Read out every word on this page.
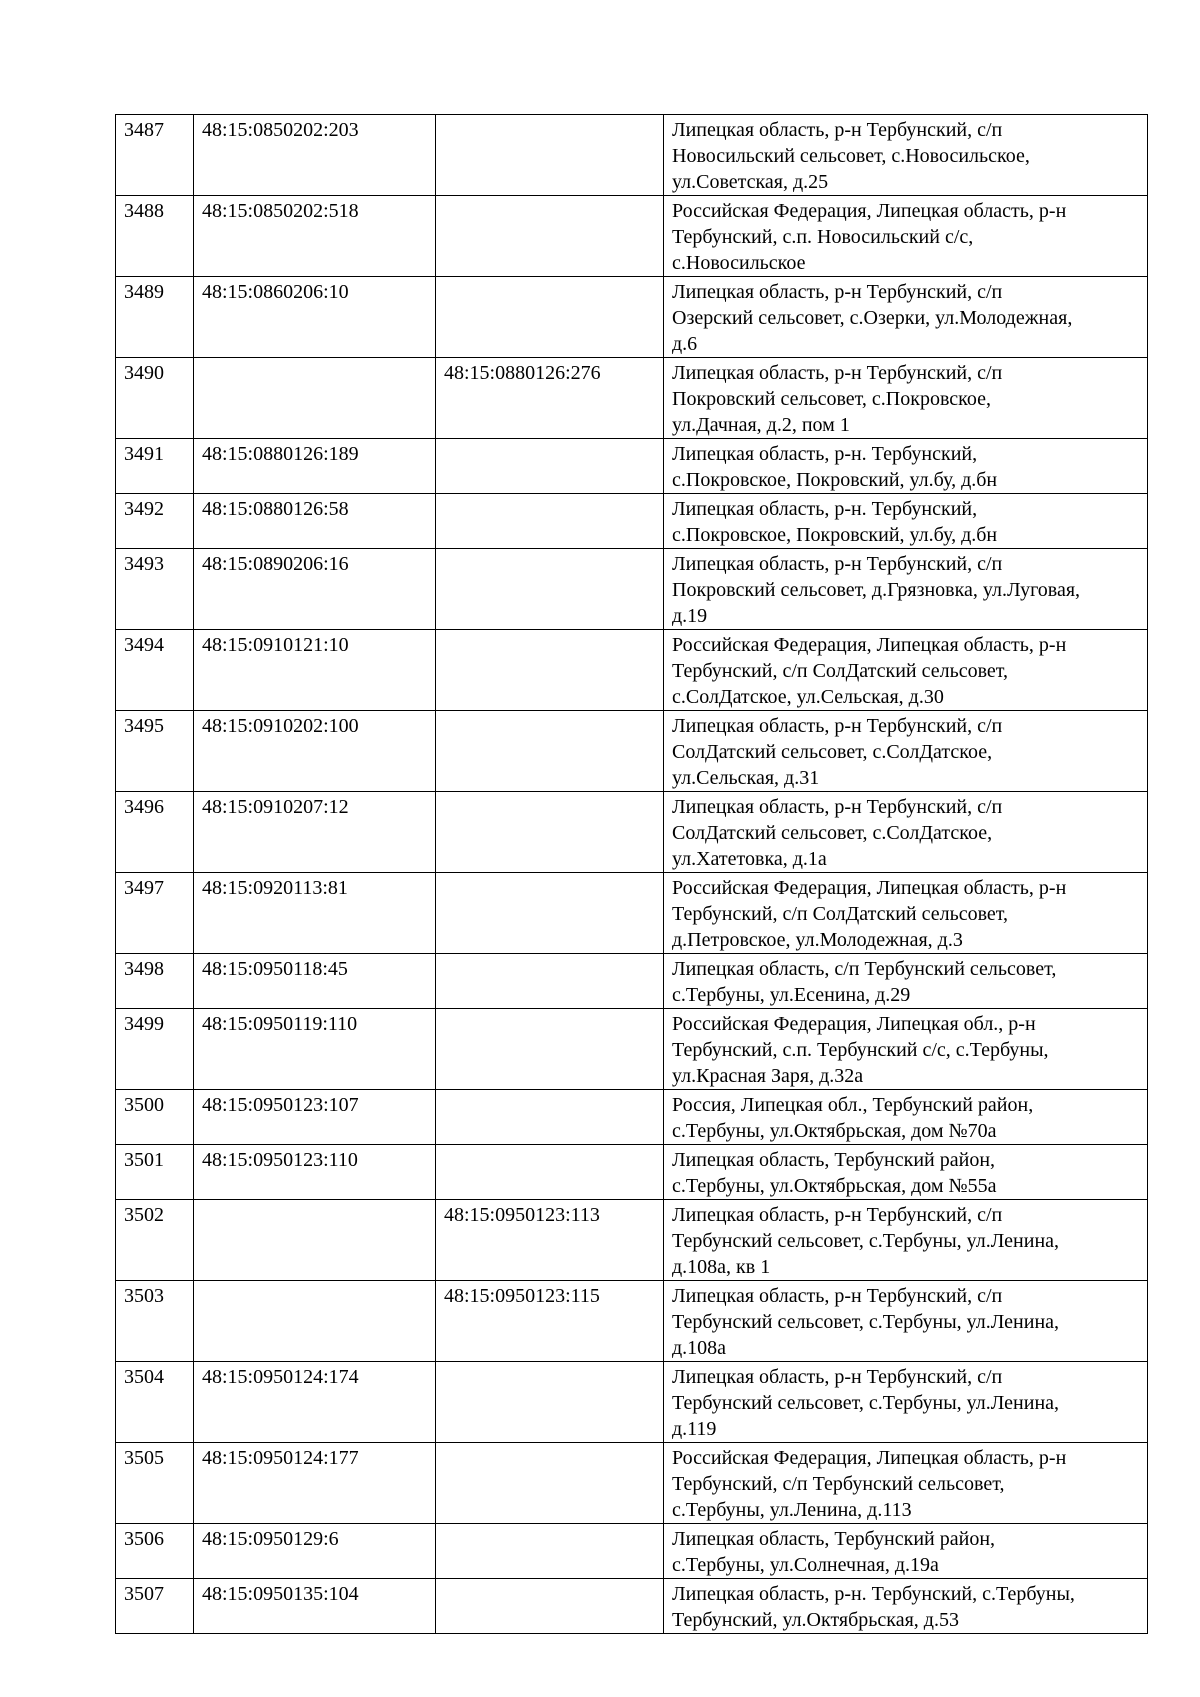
3487	48:15:0850202:203		Липецкая область, р-н Тербунский, с/п
Новосильский сельсовет, с.Новосильское,
ул.Советская, д.25
3488	48:15:0850202:518		Российская Федерация, Липецкая область, р-н
Тербунский, с.п. Новосильский с/с,
с.Новосильское
3489	48:15:0860206:10		Липецкая область, р-н Тербунский, с/п
Озерский сельсовет, с.Озерки, ул.Молодежная,
д.6
3490		48:15:0880126:276	Липецкая область, р-н Тербунский, с/п
Покровский сельсовет, с.Покровское,
ул.Дачная, д.2, пом 1
3491	48:15:0880126:189		Липецкая область, р-н. Тербунский,
с.Покровское, Покровский, ул.бу, д.бн
3492	48:15:0880126:58		Липецкая область, р-н. Тербунский,
с.Покровское, Покровский, ул.бу, д.бн
3493	48:15:0890206:16		Липецкая область, р-н Тербунский, с/п
Покровский сельсовет, д.Грязновка, ул.Луговая,
д.19
3494	48:15:0910121:10		Российская Федерация, Липецкая область, р-н
Тербунский, с/п СолДатский сельсовет,
с.СолДатское, ул.Сельская, д.30
3495	48:15:0910202:100		Липецкая область, р-н Тербунский, с/п
СолДатский сельсовет, с.СолДатское,
ул.Сельская, д.31
3496	48:15:0910207:12		Липецкая область, р-н Тербунский, с/п
СолДатский сельсовет, с.СолДатское,
ул.Хатетовка, д.1а
3497	48:15:0920113:81		Российская Федерация, Липецкая область, р-н
Тербунский, с/п СолДатский сельсовет,
д.Петровское, ул.Молодежная, д.3
3498	48:15:0950118:45		Липецкая область, с/п Тербунский сельсовет,
с.Тербуны, ул.Есенина, д.29
3499	48:15:0950119:110		Российская Федерация, Липецкая обл., р-н
Тербунский, с.п. Тербунский с/с, с.Тербуны,
ул.Красная Заря, д.32а
3500	48:15:0950123:107		Россия, Липецкая обл., Тербунский район,
с.Тербуны, ул.Октябрьская, дом №70а
3501	48:15:0950123:110		Липецкая область, Тербунский район,
с.Тербуны, ул.Октябрьская, дом №55а
3502		48:15:0950123:113	Липецкая область, р-н Тербунский, с/п
Тербунский сельсовет, с.Тербуны, ул.Ленина,
д.108а, кв 1
3503		48:15:0950123:115	Липецкая область, р-н Тербунский, с/п
Тербунский сельсовет, с.Тербуны, ул.Ленина,
д.108а
3504	48:15:0950124:174		Липецкая область, р-н Тербунский, с/п
Тербунский сельсовет, с.Тербуны, ул.Ленина,
д.119
3505	48:15:0950124:177		Российская Федерация, Липецкая область, р-н
Тербунский, с/п Тербунский сельсовет,
с.Тербуны, ул.Ленина, д.113
3506	48:15:0950129:6		Липецкая область, Тербунский район,
с.Тербуны, ул.Солнечная, д.19а
3507	48:15:0950135:104		Липецкая область, р-н. Тербунский, с.Тербуны,
Тербунский, ул.Октябрьская, д.53
